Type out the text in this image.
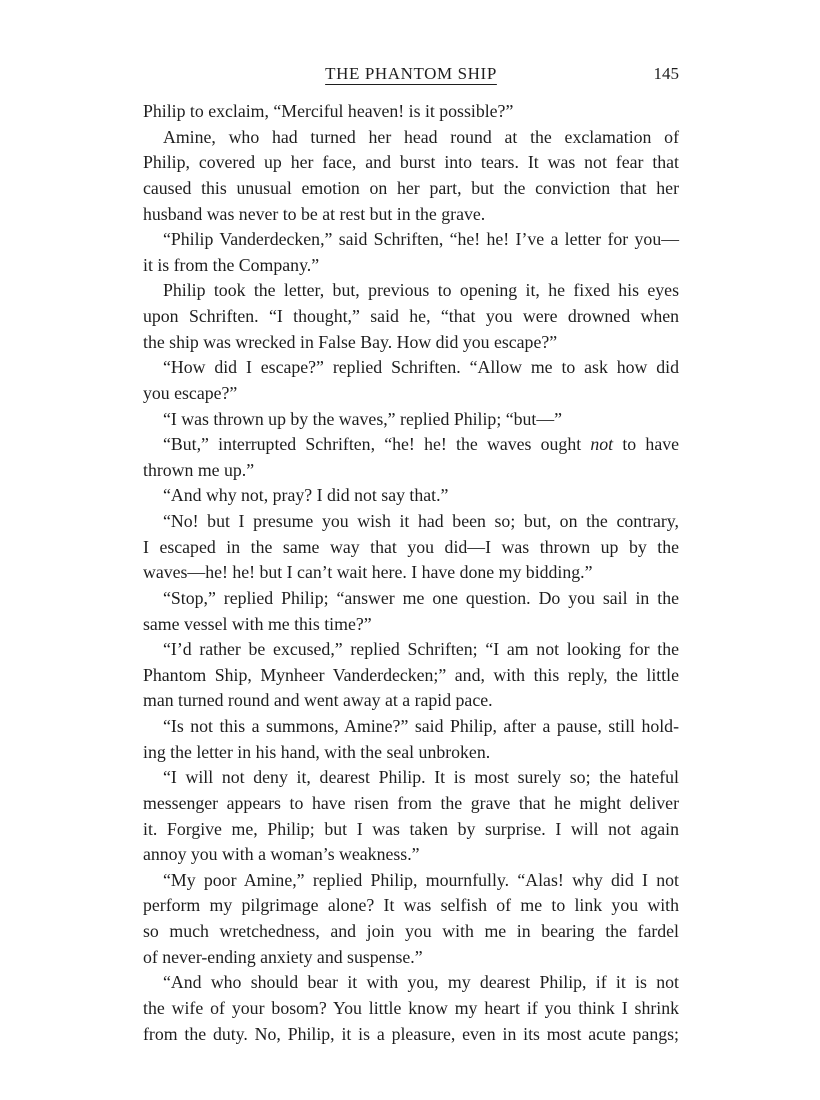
THE PHANTOM SHIP	145
Philip to exclaim, “Merciful heaven! is it possible?”
Amine, who had turned her head round at the exclamation of
Philip, covered up her face, and burst into tears. It was not fear that
caused this unusual emotion on her part, but the conviction that her
husband was never to be at rest but in the grave.
“Philip Vanderdecken,” said Schriften, “he! he! I’ve a letter for you—
it is from the Company.”
Philip took the letter, but, previous to opening it, he fixed his eyes
upon Schriften. “I thought,” said he, “that you were drowned when
the ship was wrecked in False Bay. How did you escape?”
“How did I escape?” replied Schriften. “Allow me to ask how did
you escape?”
“I was thrown up by the waves,” replied Philip; “but—”
“But,” interrupted Schriften, “he! he! the waves ought not to have
thrown me up.”
“And why not, pray? I did not say that.”
“No! but I presume you wish it had been so; but, on the contrary,
I escaped in the same way that you did—I was thrown up by the
waves—he! he! but I can’t wait here. I have done my bidding.”
“Stop,” replied Philip; “answer me one question. Do you sail in the
same vessel with me this time?”
“I’d rather be excused,” replied Schriften; “I am not looking for the
Phantom Ship, Mynheer Vanderdecken;” and, with this reply, the little
man turned round and went away at a rapid pace.
“Is not this a summons, Amine?” said Philip, after a pause, still hold-
ing the letter in his hand, with the seal unbroken.
“I will not deny it, dearest Philip. It is most surely so; the hateful
messenger appears to have risen from the grave that he might deliver
it. Forgive me, Philip; but I was taken by surprise. I will not again
annoy you with a woman’s weakness.”
“My poor Amine,” replied Philip, mournfully. “Alas! why did I not
perform my pilgrimage alone? It was selfish of me to link you with
so much wretchedness, and join you with me in bearing the fardel
of never-ending anxiety and suspense.”
“And who should bear it with you, my dearest Philip, if it is not
the wife of your bosom? You little know my heart if you think I shrink
from the duty. No, Philip, it is a pleasure, even in its most acute pangs;
